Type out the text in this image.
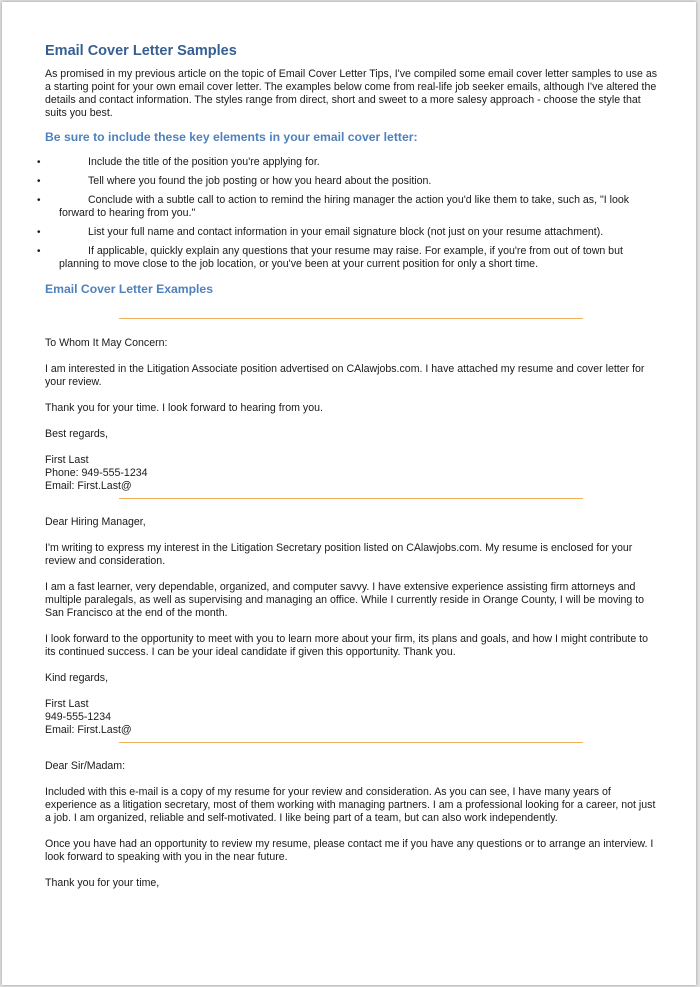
Email Cover Letter Samples

As promised in my previous article on the topic of Email Cover Letter Tips, I've compiled some email cover letter samples to use as a starting point for your own email cover letter. The examples below come from real-life job seeker emails, although I've altered the details and contact information. The styles range from direct, short and sweet to a more salesy approach - choose the style that suits you best.

Be sure to include these key elements in your email cover letter:
•	Include the title of the position you're applying for.
•	Tell where you found the job posting or how you heard about the position.
•	Conclude with a subtle call to action to remind the hiring manager the action you'd like them to take, such as, "I look forward to hearing from you."
•	List your full name and contact information in your email signature block (not just on your resume attachment).
•	If applicable, quickly explain any questions that your resume may raise. For example, if you're from out of town but planning to move close to the job location, or you've been at your current position for only a short time.
Email Cover Letter Examples

To Whom It May Concern:

I am interested in the Litigation Associate position advertised on CAlawjobs.com. I have attached my resume and cover letter for your review.

Thank you for your time. I look forward to hearing from you.

Best regards,

First Last

Phone: 949-555-1234

Email: First.Last@

Dear Hiring Manager,

I'm writing to express my interest in the Litigation Secretary position listed on CAlawjobs.com. My resume is enclosed for your review and consideration.

I am a fast learner, very dependable, organized, and computer savvy. I have extensive experience assisting firm attorneys and multiple paralegals, as well as supervising and managing an office. While I currently reside in Orange County, I will be moving to San Francisco at the end of the month.

I look forward to the opportunity to meet with you to learn more about your firm, its plans and goals, and how I might contribute to its continued success. I can be your ideal candidate if given this opportunity. Thank you.

Kind regards,

First Last

949-555-1234

Email: First.Last@

Dear Sir/Madam:

Included with this e-mail is a copy of my resume for your review and consideration. As you can see, I have many years of experience as a litigation secretary, most of them working with managing partners. I am a professional looking for a career, not just a job. I am organized, reliable and self-motivated. I like being part of a team, but can also work independently.

Once you have had an opportunity to review my resume, please contact me if you have any questions or to arrange an interview. I look forward to speaking with you in the near future.

Thank you for your time,
